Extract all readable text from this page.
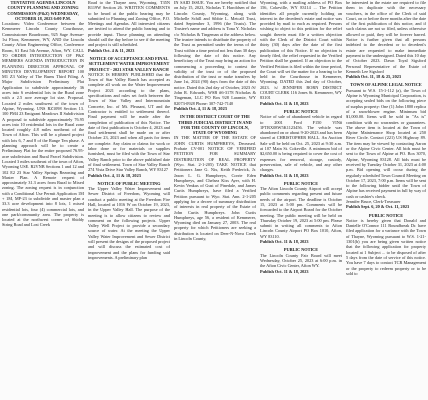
TENTATIVE AGENDA LINCOLN COUNTY PLANNING AND ZONING COMMISSION (P&Z) WEDNESDAY, OCTOBER 18, 2023 6:00 P.M.

Locations: Video Conference between the Kemmerer Lincoln County Courthouse, Commissioner Boardroom, 925 Sage Avenue-1st Floor, Kemmerer, WY, AND the Lincoln County Afton Engineering Office, Conference Room, 61 East 5th Avenue, Afton, WY. CALL TO ORDER INTRODUCTION OF P&Z MEMBERS AGENDA INTRODUCTION IN PLANNING DIRECTOR APPROVAL OF MINUTES DEVELOPMENT REPORT 100 M1 Z3 Valley of The Burns Third Filing. A Major Subdivision Preliminary Plat Application to subdivide approximately 36 acres into 6 residential lots in the Rural zone with a 2.5 acre average lot size. Proposal. Located 2 miles southwest of the town of Alpine, Wyoming. UNS RZ1098 Section 13. 100 PM4 23 Emigrant Meadows II Subdivision A proposal to subdivide approximately 76.95 acres into 10 residential lots in the Rural zone located roughly 4.8 miles northeast of the Town of Afton. This will be a phased project with lots 6, 7 and 8 of the Range Ten phase. A planning approach will be to create a Preliminary Plat for the entire proposed 76.95-acre subdivision and Rural Parcel Subdivision. Located 3 miles southeast of the town of Afton, Wyoming USE. R2VNB Sections 1 and 12 and 102 E2 23 Star Valley Springs Rezoning and Master Plan. A Remote request of approximately 31.3 acres from Rural to Mixed zoning. The zoning request is in conjunction with a Conditional Use Permit Application 1M + 1M, MP-23 to subdivide and master plan a 33.3 acre development into 8 lots, 1 mixed residential lots, four (4) commercial lots, and one park/community area. The property is located at the northwest corner of Shiddy String Road and Lost Creek

Road to the Thayne area, Wyoming. T35N R119W Section 26. WRITTEN COMMENTS to be heard at the public hearing may be submitted to Planning and Zoning Office, P.O. Meetings and Agendas. All interested citizens are invited to attend the public hearing and to provide input. Those planning on attending should call the day before to see if the meeting and project is still scheduled.

Publish Oct. 4 & 11, 2023

NOTICE OF ACCEPTANCE AND FINAL SETTLEMENT WATER IMPROVEMENT PROJECT - 2021 STAR VALLEY RANCH

NOTICE IS HEREBY PUBLISHED that the Town of Star Valley Ranch has accepted as complete all work on the Water Improvement Project 2021 according to the plans, specifications and rules set forth between the Town of Star Valley and Intermountain Concrete, Inc. of Mt. Pleasant, UT and the Contractor is entitled to settlement thereof. Final payment will be made after the completion of publication of this Notice. The date of first publication is October 4, 2023 and final settlement shall be made on or after October 23, 2023 and when all parts for items are complete. Any claim or claims for work or labor done or for materials or supplies furnished, must be filed with the Town of Star Valley Ranch prior to the above published date of final settlement. Town of Star Valley Ranch 274 Vista Drive Star Valley Ranch, WY 83127

Publish Oct. 4, 11 & 18, 2023

NOTICE OF PUBLIC MEETING

The Upper Valley Water Improvement and Sewer District of Freedom, Wyoming will conduct a public meeting at the Freedom Fire Hall, located at 1016 W on October 19, 2023, in the Upper Valley Hall. The purpose of the meeting is to allow citizens to review and comment on the following projects. Upper Valley Well Project to provide a secondary source of water. At the meeting the Upper Valley Water Improvement and Sewer District will present the designs of the proposed project and will discuss the estimated cost of improvement and the plans for funding said improvements. A preliminary plan

IN SAID ISSUE. You are hereby notified that on July 15, 2023, Nicholas T. Haroldsen of the Lincoln County, Wyoming, along with Michelle Schill and Sibbie L. Metcalf Trust, dated September 3, 1996 (the Trusts). The Trustee's name and address is Tona Y. Nicholas c/o Nicholas & Tingeman at the address below. The trustee intends to distribute the property of the Trust as permitted under the terms of the Trust within a time period not less than 30 days following the date of this notice. Any beneficiary of the Trust may bring an action for commencing a proceeding to contest the validity of the trust or of the proposed distribution of the trust or make transfers by June 1st, 2024 (90) days from the date of this notice. Dated this 2nd day of October, 2023 /S/ John R. Edwards, WSB #6-3178 Nicholas & Tingeman, LLC PO Box 928 Laramie, WY 82073-0928 Phone: 307-742-7140

Publish Oct. 4, 11 & 18, 2023

IN THE DISTRICT COURT OF THE THIRD JUDICIAL DISTRICT IN AND FOR THE COUNTY OF LINCOLN, STATE OF WYOMING

IN THE MATTER OF THE ESTATE OF JOHN CURTIS HUMPHREYS, Deceased. Probate CV-001 NOTICE OF VERIFIED PETITION FOR SUMMARY DISTRIBUTION OF REAL PROPERTY (Wyo. Stat. 2-1-205) TAKE NOTICE that Petitioners Jane G. Nix, Keith Frederick, Jr. Jason L. G. Humphreys, Corrie Eden Humphreys, and Chelsea Kiss Ayer, with H. Kevin Venkus of Gust of Pinedale, and James Curtis Humphreys, have filed a Verified Petition pursuant to Wyo. Stat. Ann. 2-1-205 applying for a decree of summary distribution of interests in real property of the Estate of John Curtis Humphreys. John Curtis Humphreys, age 56, a resident of Kemmerer, Wyoming died on January 27, 2003. The real property for which Petitioners are seeking a distribution is located on Deer-N-Nova Creek in Lincoln County,

Wyoming, with a mailing address of PO Box 156, Cokeville, WY 83114 ... The Petition identifies all people currently holding an interest in the decedent's estate and notice was provided by mail to each as required. Persons wishing to object to this petition for the relief sought therein must file a written objection with the Clerk of the District Court within thirty (30) days after the date of the first publication of this Notice. If no objection is timely filed, the relief requested in the Verified Petition shall be granted. If an objection to the Verified Petition is filed within the time period, the Court will set the matter for a hearing to be held in the Courthouse in Kemmerer, Wyoming. DATED this 2nd day of October, 2023. /s/ JENNIFER BORN DISTRICT COURT CLERK 116 Jones St. Kemmerer, WY 83101

Publish Oct. 11 & 18, 2023

PUBLIC NOTICE

Notice of sale of abandoned vehicle in regard to 2001 Ford F150 VIN# 1FTRX08W5K1123456. The vehicle was abandoned on or about 9-20-2023 and has been stored at CHRISTOPHER HALL. An Auction Sale will be held on Oct. 25, 2023 at 9:30 a.m. at 107 Main St. Cokeville. A minimum bid of $2,650.00 is being required to cover the cost of expenses for removal, storage, custody, preservation, sale of vehicle, and any other charges.

Publish Oct. 11 & 18, 2023

PUBLIC NOTICE

The Afton Lincoln County Airport will accept public comments regarding present and future needs of the airport. The deadline is October 15, 2023 at 5:00 pm. Comments will be forwarded to the Airport Board for the October meeting. The public meeting will be held on Thursday October 19, 2023 at 5:00 pm. Please submit in writing all comments to Afton Lincoln County Airport PO Box 1010, Afton, WY 83110.

Publish Oct. 11 & 18, 2023

PUBLIC NOTICE

The Lincoln County Fair Board will meet Wednesday, October 25, 2023 at 6:00 p.m. in the Afton Civic Center, Afton WY.

Publish Oct. 11 & 18, 2023

be interested in the estate are required to file them in duplicate with the necessary vouchers, in the office of the Clerk of said Court, on or before three months after the date of the first publication of this notice, and if such claims are not so filed, unless otherwise allowed or paid, they will be forever barred. Notice is further given that all persons indebted to the decedent or to decedent's estate are requested to make immediate payment to the undersigned. Dated this 10 day of October 2023. Dawn Toyal Sigsford Personal Representative of the Estate of Kenneth Lee Sigsford

Publish Oct. 11, 18 & 25, 2023

TOWN OF ALPINE LEGAL NOTICE

Pursuant to W.S. 15-1-112 (a), the Town of Alpine is Wyoming Municipal Corporation, is accepting sealed bids on the following piece of surplus property: One (1) John 1800 replica of a snowblower engine. Minimum bid $1,000.00. Items will be sold in "As is" condition with no warranties or guarantees. The above item is located at the Town of Alpine Maintenance Shop located at 250 River Circle. Contact (221) US Highway 89. The item may be viewed by contacting Aaron or the Alpine Civic Center. All bids must be sent to the Town of Alpine at PO. Box 3070, Alpine, Wyoming 83128. All bids must be received by Tuesday October 31, 2023 at 4:00 p.m. Bid opening will occur during the regularly scheduled Town Council Meeting on October 17, 2023, 7:00 p.m. Items will be sent to the following bidder until the Town of Alpine has received payment in full by way of cash or cashier's check.

Jennifer Bruce, Clerk-Treasurer

Publish Sept. 6, 20 & Oct. 11, 2023

PUBLIC NOTICE

Notice is hereby given that Donald and Danielle O'Connor 111 Boundbreak Dr. have filed application for a variance with the Town of Thayne, Wyoming pursuant to W.S. 1-21-1301(b) you are being given written notice that the following application for property located at 1 Subject ... to be disposed of after 5 days from the date of service of this notice. You have 7 days to contact TCR Management or the property to redeem property or to be sold to
